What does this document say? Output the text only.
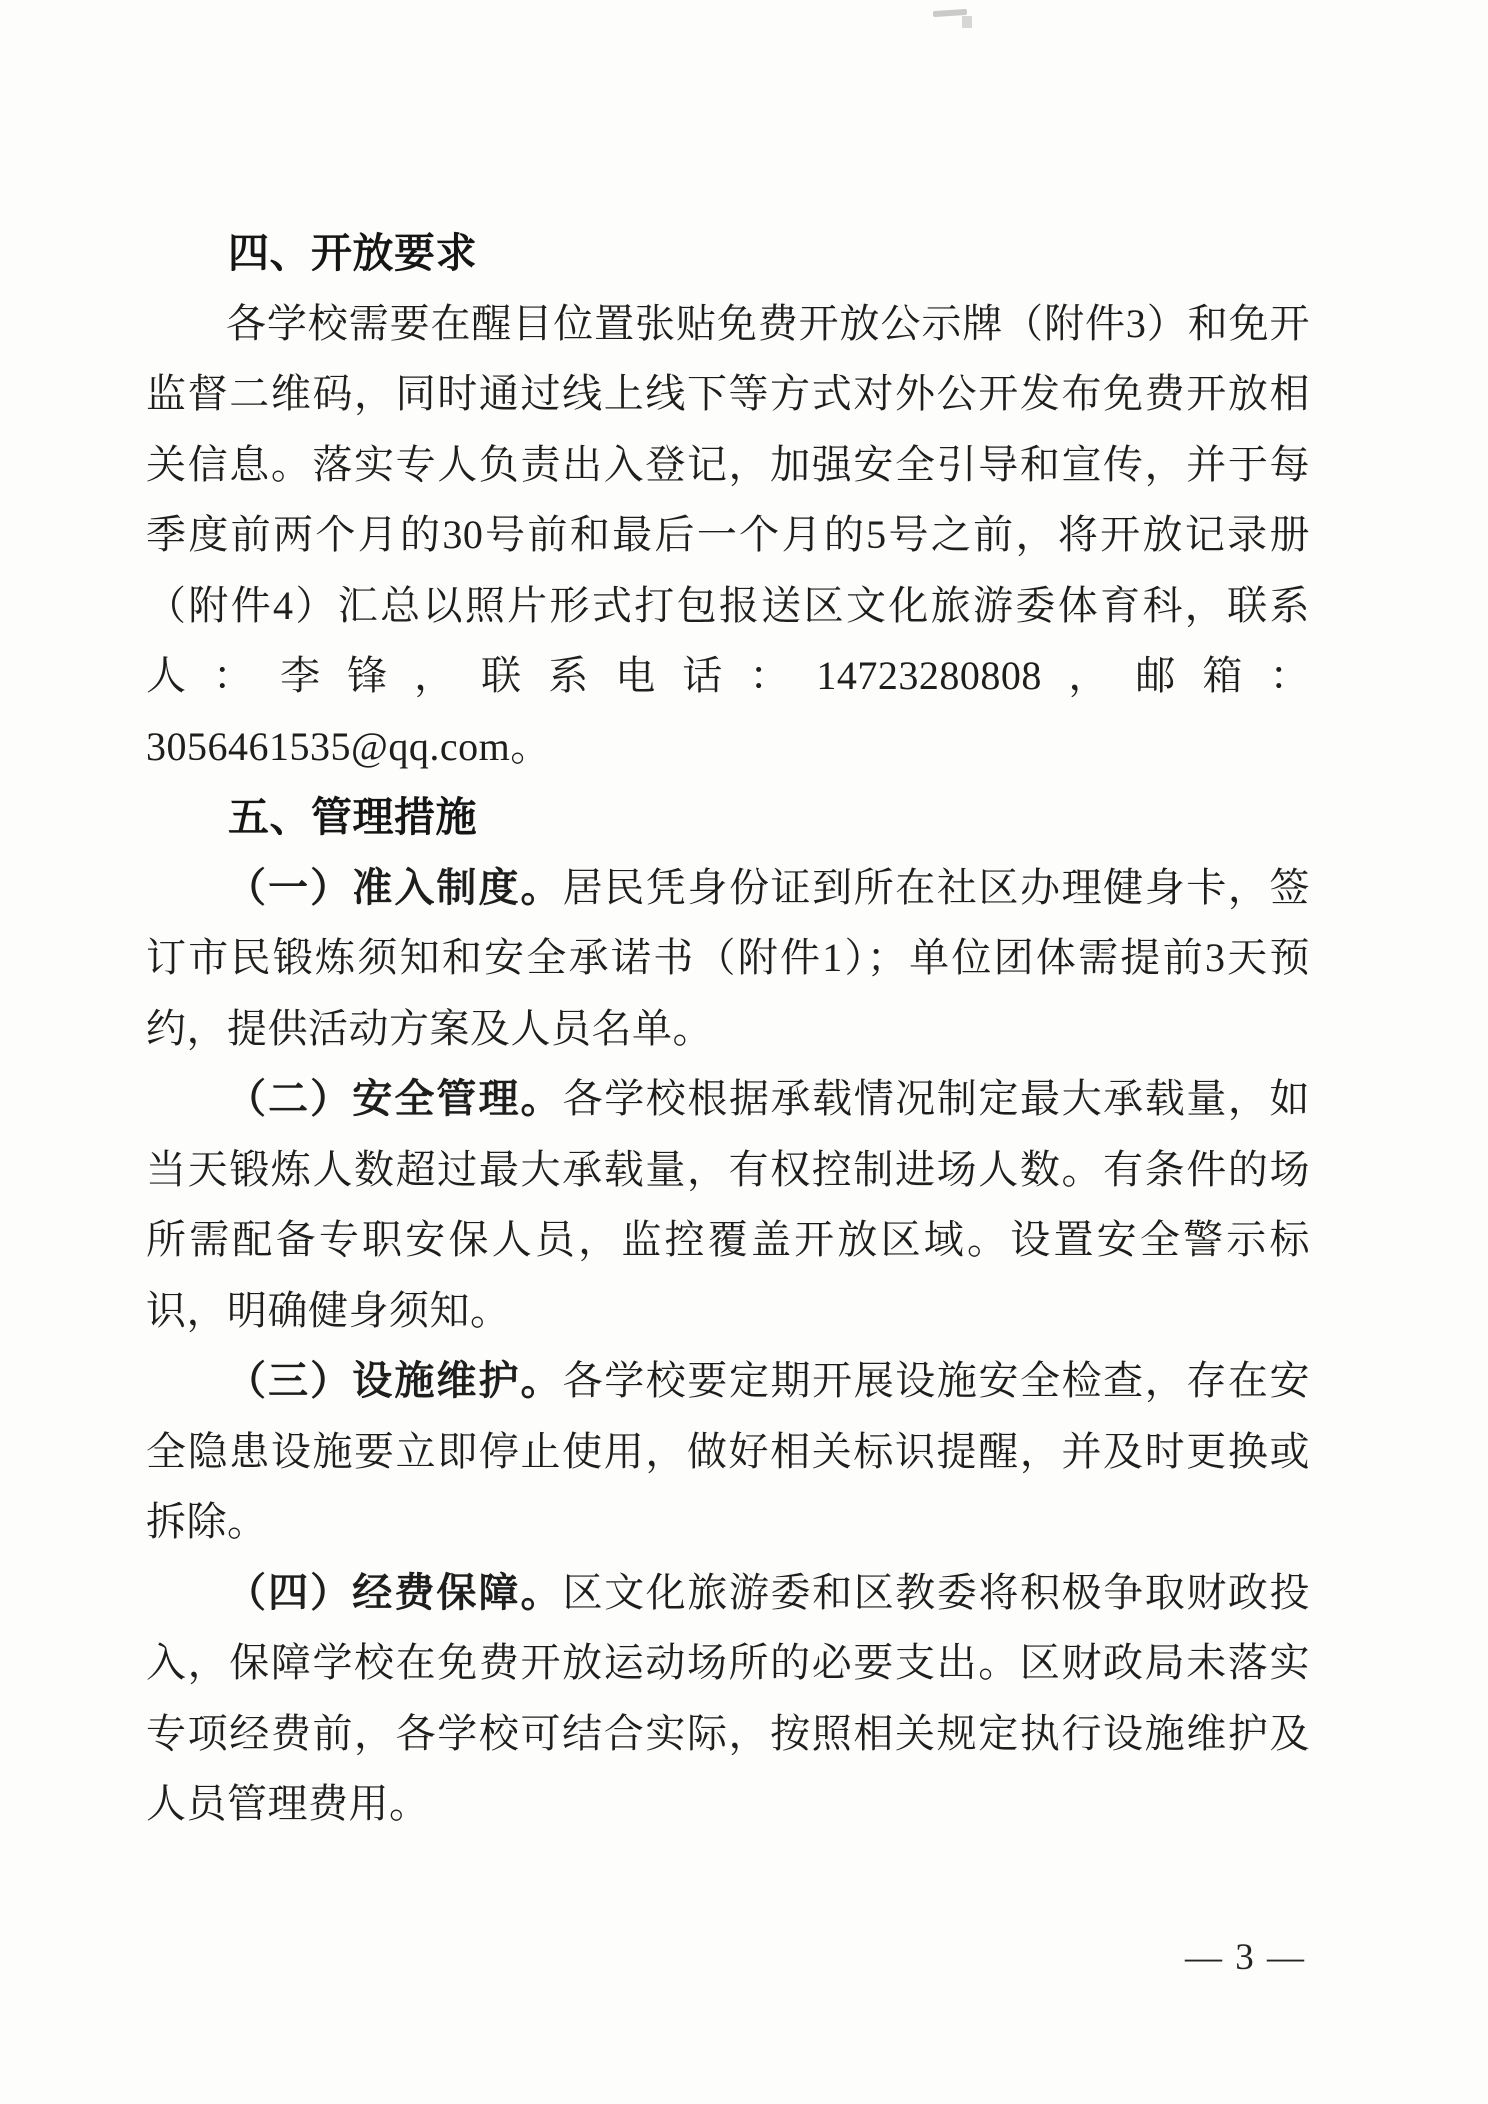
四、开放要求

各学校需要在醒目位置张贴免费开放公示牌（附件3）和免开监督二维码，同时通过线上线下等方式对外公开发布免费开放相关信息。落实专人负责出入登记，加强安全引导和宣传，并于每季度前两个月的30号前和最后一个月的5号之前，将开放记录册（附件4）汇总以照片形式打包报送区文化旅游委体育科，联系人：李锋，联系电话：14723280808，邮箱：3056461535@qq.com。

五、管理措施

（一）准入制度。居民凭身份证到所在社区办理健身卡，签订市民锻炼须知和安全承诺书（附件1）；单位团体需提前3天预约，提供活动方案及人员名单。

（二）安全管理。各学校根据承载情况制定最大承载量，如当天锻炼人数超过最大承载量，有权控制进场人数。有条件的场所需配备专职安保人员，监控覆盖开放区域。设置安全警示标识，明确健身须知。

（三）设施维护。各学校要定期开展设施安全检查，存在安全隐患设施要立即停止使用，做好相关标识提醒，并及时更换或拆除。

（四）经费保障。区文化旅游委和区教委将积极争取财政投入，保障学校在免费开放运动场所的必要支出。区财政局未落实专项经费前，各学校可结合实际，按照相关规定执行设施维护及人员管理费用。

— 3 —
